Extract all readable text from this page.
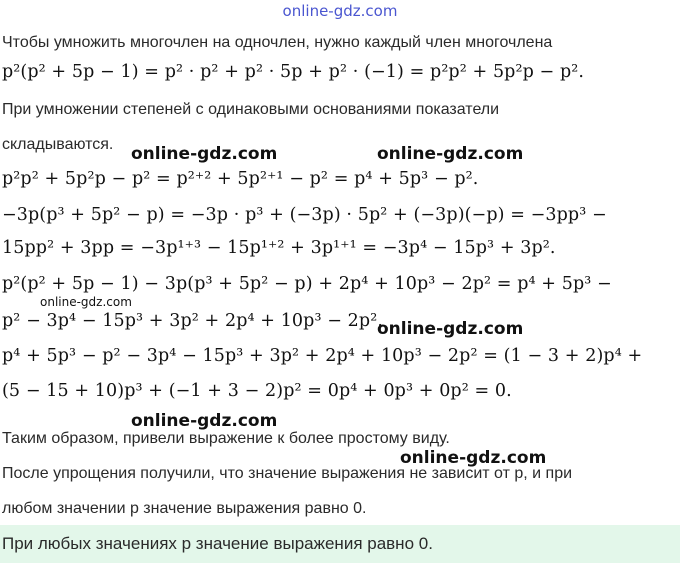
online-gdz.com
Чтобы умножить многочлен на одночлен, нужно каждый член многочлена
p²(p² + 5p − 1) = p² · p² + p² · 5p + p² · (−1) = p²p² + 5p²p − p².
При умножении степеней с одинаковыми основаниями показатели
складываются.
p²p² + 5p²p − p² = p²⁺² + 5p²⁺¹ − p² = p⁴ + 5p³ − p².
−3p(p³ + 5p² − p) = −3p · p³ + (−3p) · 5p² + (−3p)(−p) = −3pp³ −
15pp² + 3pp = −3p¹⁺³ − 15p¹⁺² + 3p¹⁺¹ = −3p⁴ − 15p³ + 3p².
p²(p² + 5p − 1) − 3p(p³ + 5p² − p) + 2p⁴ + 10p³ − 2p² = p⁴ + 5p³ −
p² − 3p⁴ − 15p³ + 3p² + 2p⁴ + 10p³ − 2p².
p⁴ + 5p³ − p² − 3p⁴ − 15p³ + 3p² + 2p⁴ + 10p³ − 2p² = (1 − 3 + 2)p⁴ +
(5 − 15 + 10)p³ + (−1 + 3 − 2)p² = 0p⁴ + 0p³ + 0p² = 0.
Таким образом, привели выражение к более простому виду.
После упрощения получили, что значение выражения не зависит от p, и при
любом значении p значение выражения равно 0.
При любых значениях p значение выражения равно 0.
online-gdz.com	online-gdz.com
online-gdz.com
online-gdz.com
online-gdz.com
online-gdz.com
